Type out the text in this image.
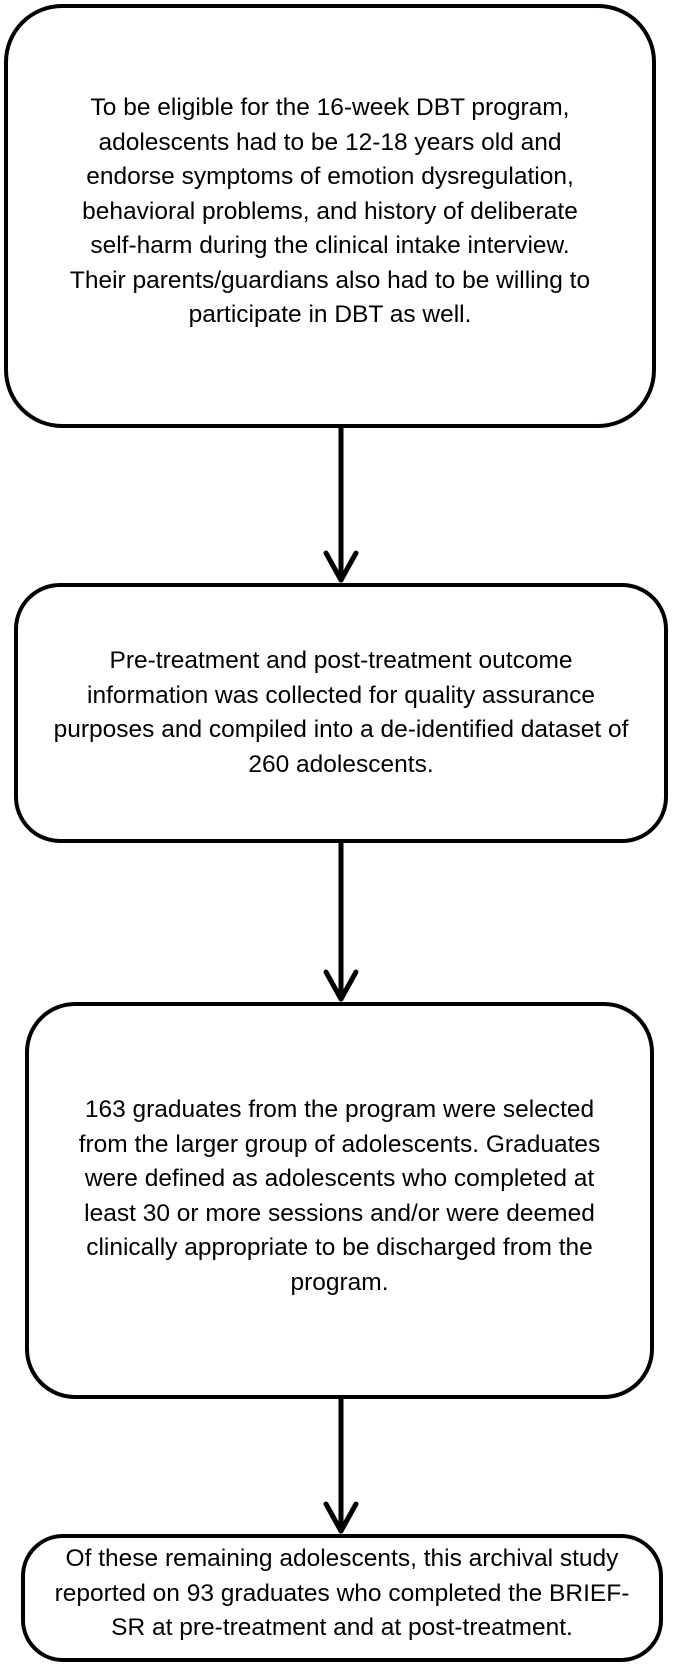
To be eligible for the 16-week DBT program, adolescents had to be 12-18 years old and endorse symptoms of emotion dysregulation, behavioral problems, and history of deliberate self-harm during the clinical intake interview. Their parents/guardians also had to be willing to participate in DBT as well.

Pre-treatment and post-treatment outcome information was collected for quality assurance purposes and compiled into a de-identified dataset of 260 adolescents.

163 graduates from the program were selected from the larger group of adolescents. Graduates were defined as adolescents who completed at least 30 or more sessions and/or were deemed clinically appropriate to be discharged from the program.

Of these remaining adolescents, this archival study reported on 93 graduates who completed the BRIEF-SR at pre-treatment and at post-treatment.
